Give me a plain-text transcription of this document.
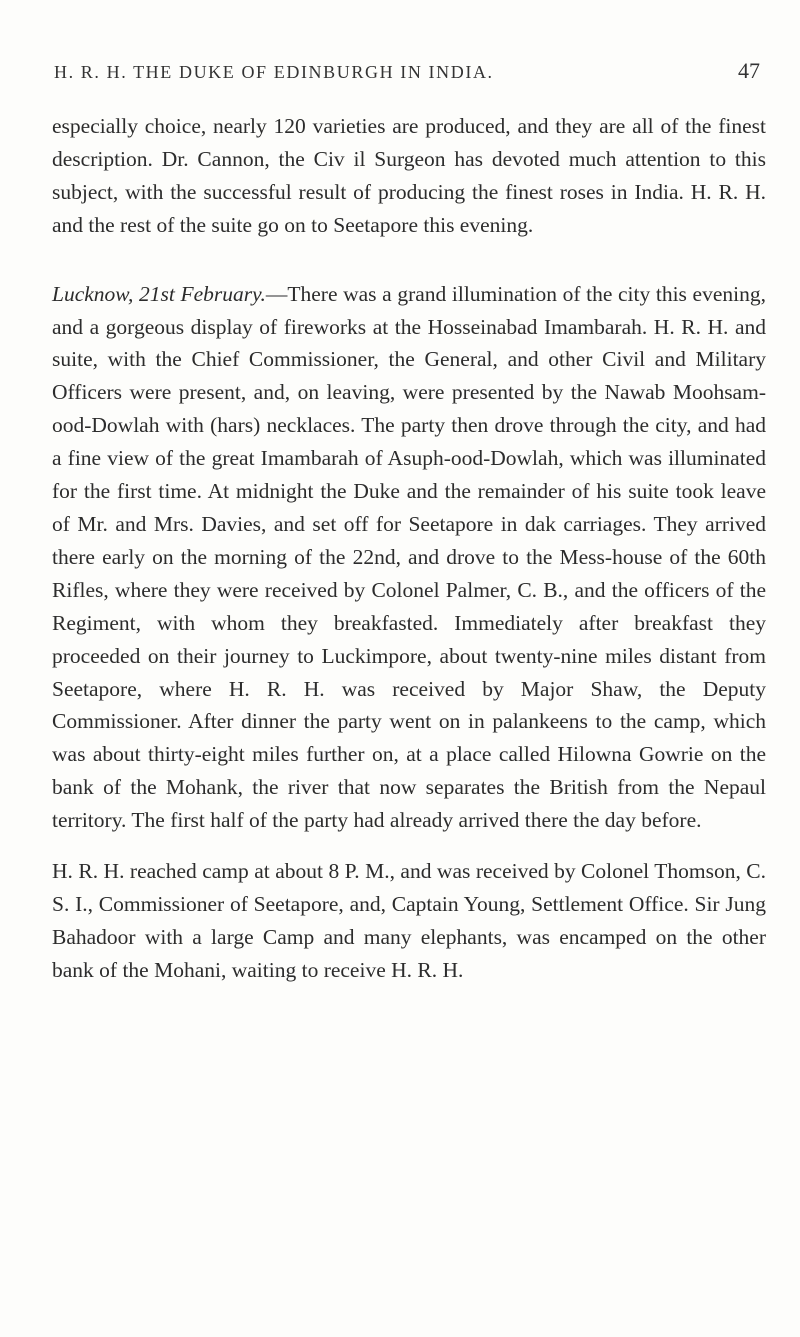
H. R. H. THE DUKE OF EDINBURGH IN INDIA.	47

especially choice, nearly 120 varieties are produced, and they are all of the finest description. Dr. Cannon, the Civ il Surgeon has devoted much attention to this subject, with the successful result of producing the finest roses in India. H. R. H. and the rest of the suite go on to Seetapore this evening.

Lucknow, 21st February.—There was a grand illumination of the city this evening, and a gorgeous display of fireworks at the Hosseinabad Imambarah. H. R. H. and suite, with the Chief Commissioner, the General, and other Civil and Military Officers were present, and, on leaving, were presented by the Nawab Moohsam-ood-Dowlah with (hars) necklaces. The party then drove through the city, and had a fine view of the great Imambarah of Asuph-ood-Dowlah, which was illuminated for the first time. At midnight the Duke and the remainder of his suite took leave of Mr. and Mrs. Davies, and set off for Seetapore in dak carriages. They arrived there early on the morning of the 22nd, and drove to the Mess-house of the 60th Rifles, where they were received by Colonel Palmer, C. B., and the officers of the Regiment, with whom they breakfasted. Immediately after breakfast they proceeded on their journey to Luckimpore, about twenty-nine miles distant from Seetapore, where H. R. H. was received by Major Shaw, the Deputy Commissioner. After dinner the party went on in palankeens to the camp, which was about thirty-eight miles further on, at a place called Hilowna Gowrie on the bank of the Mohank, the river that now separates the British from the Nepaul territory. The first half of the party had already arrived there the day before.

H. R. H. reached camp at about 8 P. M., and was received by Colonel Thomson, C. S. I., Commissioner of Seetapore, and, Captain Young, Settlement Office. Sir Jung Bahadoor with a large Camp and many elephants, was encamped on the other bank of the Mohani, waiting to receive H. R. H.
